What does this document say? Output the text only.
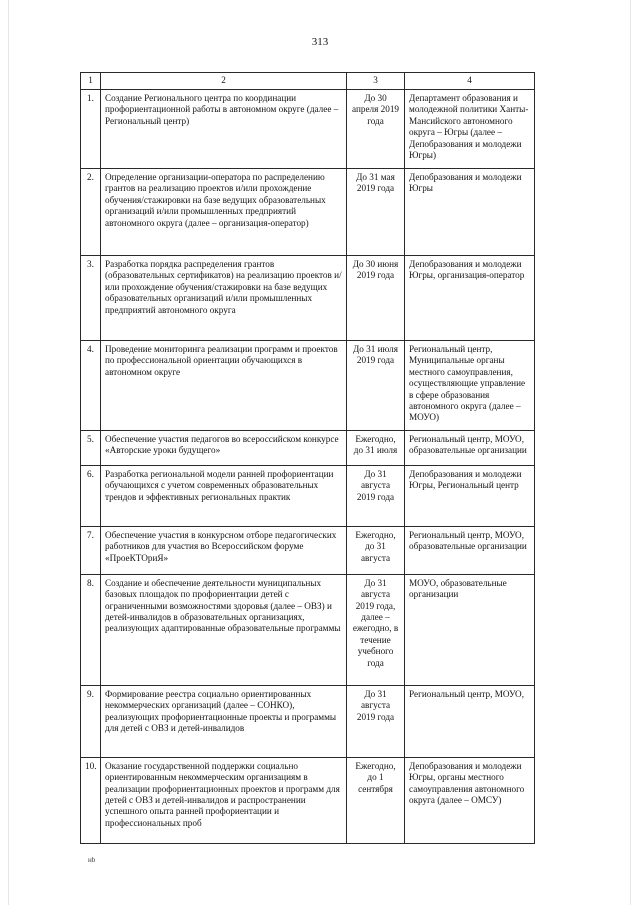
313
1	2	3	4
1.	Создание Регионального центра по координации профориентационной работы в автономном округе (далее – Региональный центр)	До 30 апреля 2019 года	Департамент образования и молодежной политики Ханты-Мансийского автономного округа – Югры (далее – Депобразования и молодежи Югры)
2.	Определение организации-оператора по распределению грантов на реализацию проектов и/или прохождение обучения/стажировки на базе ведущих образовательных организаций и/или промышленных предприятий автономного округа (далее – организация-оператор)	До 31 мая 2019 года	Депобразования и молодежи Югры
3.	Разработка порядка распределения грантов (образовательных сертификатов) на реализацию проектов и/или прохождение обучения/стажировки на базе ведущих образовательных организаций и/или промышленных предприятий автономного округа	До 30 июня 2019 года	Депобразования и молодежи Югры, организация-оператор
4.	Проведение мониторинга реализации программ и проектов по профессиональной ориентации обучающихся в автономном округе	До 31 июля 2019 года	Региональный центр, Муниципальные органы местного самоуправления, осуществляющие управление в сфере образования автономного округа (далее – МОУО)
5.	Обеспечение участия педагогов во всероссийском конкурсе «Авторские уроки будущего»	Ежегодно, до 31 июля	Региональный центр, МОУО, образовательные организации
6.	Разработка региональной модели ранней профориентации обучающихся с учетом современных образовательных трендов и эффективных региональных практик	До 31 августа 2019 года	Депобразования и молодежи Югры, Региональный центр
7.	Обеспечение участия в конкурсном отборе педагогических работников для участия во Всероссийском форуме «ПроеКТОриЯ»	Ежегодно, до 31 августа	Региональный центр, МОУО, образовательные организации
8.	Создание и обеспечение деятельности муниципальных базовых площадок по профориентации детей с ограниченными возможностями здоровья (далее – ОВЗ) и детей-инвалидов в образовательных организациях, реализующих адаптированные образовательные программы	До 31 августа 2019 года, далее – ежегодно, в течение учебного года	МОУО, образовательные организации
9.	Формирование реестра социально ориентированных некоммерческих организаций (далее – СОНКО), реализующих профориентационные проекты и программы для детей с ОВЗ и детей-инвалидов	До 31 августа 2019 года	Региональный центр, МОУО,
10.	Оказание государственной поддержки социально ориентированным некоммерческим организациям в реализации профориентационных проектов и программ для детей с ОВЗ и детей-инвалидов и распространении успешного опыта ранней профориентации и профессиональных проб	Ежегодно, до 1 сентября	Депобразования и молодежи Югры, органы местного самоуправления автономного округа (далее – ОМСУ)
нb
